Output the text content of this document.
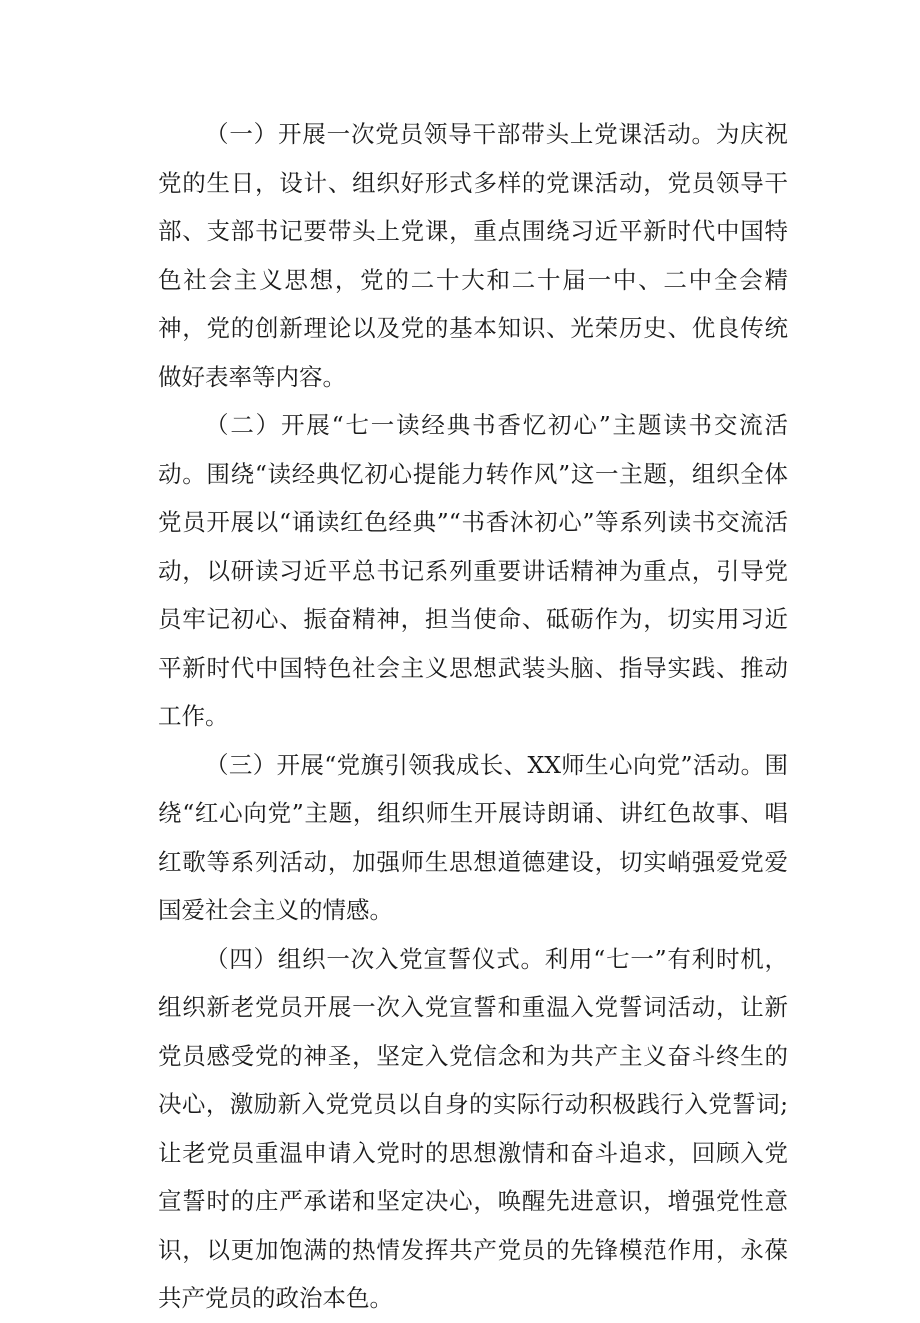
（一）开展一次党员领导干部带头上党课活动。为庆祝党的生日，设计、组织好形式多样的党课活动，党员领导干部、支部书记要带头上党课，重点围绕习近平新时代中国特色社会主义思想，党的二十大和二十届一中、二中全会精神，党的创新理论以及党的基本知识、光荣历史、优良传统做好表率等内容。

（二）开展“七一读经典书香忆初心”主题读书交流活动。围绕“读经典忆初心提能力转作风”这一主题，组织全体党员开展以“诵读红色经典”“书香沐初心”等系列读书交流活动，以研读习近平总书记系列重要讲话精神为重点，引导党员牢记初心、振奋精神，担当使命、砥砺作为，切实用习近平新时代中国特色社会主义思想武装头脑、指导实践、推动工作。

（三）开展“党旗引领我成长、XX师生心向党”活动。围绕“红心向党”主题，组织师生开展诗朗诵、讲红色故事、唱红歌等系列活动，加强师生思想道德建设，切实峭强爱党爱国爱社会主义的情感。

（四）组织一次入党宣誓仪式。利用“七一”有利时机，组织新老党员开展一次入党宣誓和重温入党誓词活动，让新党员感受党的神圣，坚定入党信念和为共产主义奋斗终生的决心，激励新入党党员以自身的实际行动积极践行入党誓词;让老党员重温申请入党时的思想激情和奋斗追求，回顾入党宣誓时的庄严承诺和坚定决心，唤醒先进意识，增强党性意识，以更加饱满的热情发挥共产党员的先锋模范作用，永葆共产党员的政治本色。
